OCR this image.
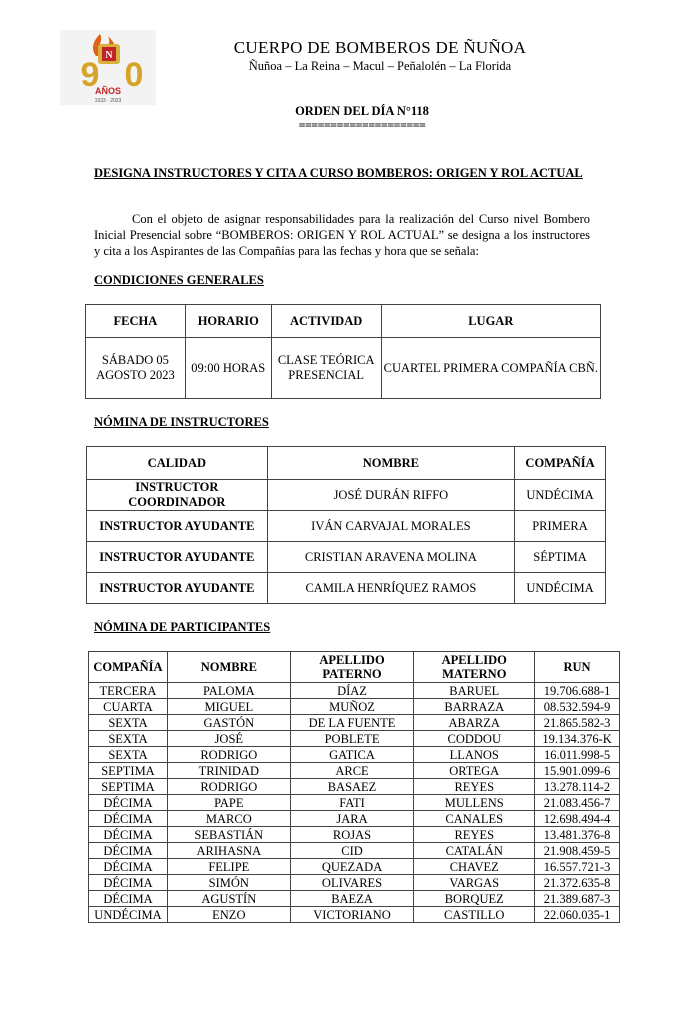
N
9 0
AÑOS
1933 · 2023
CUERPO DE BOMBEROS DE ÑUÑOA
Ñuñoa – La Reina – Macul – Peñalolén – La Florida
ORDEN DEL DÍA N°118
====================
DESIGNA INSTRUCTORES Y CITA A CURSO BOMBEROS: ORIGEN Y ROL ACTUAL
Con el objeto de asignar responsabilidades para la realización del Curso nivel Bombero Inicial Presencial sobre “BOMBEROS: ORIGEN Y ROL ACTUAL” se designa a los instructores y cita a los Aspirantes de las Compañías para las fechas y hora que se señala:
CONDICIONES GENERALES
FECHA	HORARIO	ACTIVIDAD	LUGAR
SÁBADO 05 AGOSTO 2023	09:00 HORAS	CLASE TEÓRICA PRESENCIAL	CUARTEL PRIMERA COMPAÑÍA CBÑ.
NÓMINA DE INSTRUCTORES
CALIDAD	NOMBRE	COMPAÑÍA
INSTRUCTOR COORDINADOR	JOSÉ DURÁN RIFFO	UNDÉCIMA
INSTRUCTOR AYUDANTE	IVÁN CARVAJAL MORALES	PRIMERA
INSTRUCTOR AYUDANTE	CRISTIAN ARAVENA MOLINA	SÉPTIMA
INSTRUCTOR AYUDANTE	CAMILA HENRÍQUEZ RAMOS	UNDÉCIMA
NÓMINA DE PARTICIPANTES
COMPAÑÍA	NOMBRE	APELLIDO PATERNO	APELLIDO MATERNO	RUN
TERCERA	PALOMA	DÍAZ	BARUEL	19.706.688-1
CUARTA	MIGUEL	MUÑOZ	BARRAZA	08.532.594-9
SEXTA	GASTÓN	DE LA FUENTE	ABARZA	21.865.582-3
SEXTA	JOSÉ	POBLETE	CODDOU	19.134.376-K
SEXTA	RODRIGO	GATICA	LLANOS	16.011.998-5
SEPTIMA	TRINIDAD	ARCE	ORTEGA	15.901.099-6
SEPTIMA	RODRIGO	BASAEZ	REYES	13.278.114-2
DÉCIMA	PAPE	FATI	MULLENS	21.083.456-7
DÉCIMA	MARCO	JARA	CANALES	12.698.494-4
DÉCIMA	SEBASTIÁN	ROJAS	REYES	13.481.376-8
DÉCIMA	ARIHASNA	CID	CATALÁN	21.908.459-5
DÉCIMA	FELIPE	QUEZADA	CHAVEZ	16.557.721-3
DÉCIMA	SIMÓN	OLIVARES	VARGAS	21.372.635-8
DÉCIMA	AGUSTÍN	BAEZA	BORQUEZ	21.389.687-3
UNDÉCIMA	ENZO	VICTORIANO	CASTILLO	22.060.035-1
